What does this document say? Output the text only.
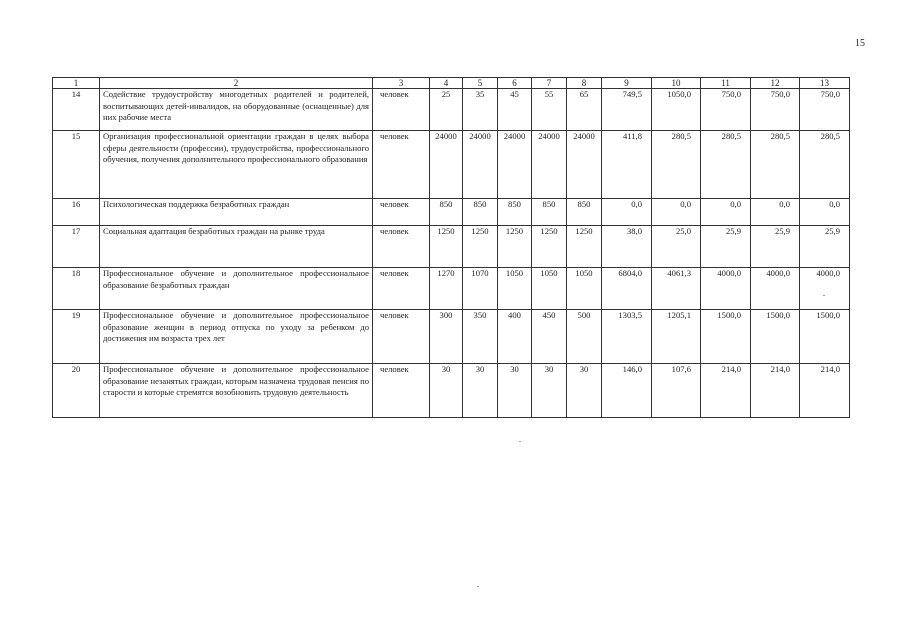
15
1	2	3	4	5	6	7	8	9	10	11	12	13
14	Содействие трудоустройству многодетных родителей и родителей, воспитывающих детей-инвалидов, на оборудованные (оснащенные) для них рабочие места	человек	25	35	45	55	65	749,5	1050,0	750,0	750,0	750,0
15	Организация профессиональной ориентации граждан в целях выбора сферы деятельности (профессии), трудоустройства, профессионального обучения, получения дополнительного профессионального образования	человек	24000	24000	24000	24000	24000	411,8	280,5	280,5	280,5	280,5
16	Психологическая поддержка безработных граждан	человек	850	850	850	850	850	0,0	0,0	0,0	0,0	0,0
17	Социальная адаптация безработных граждан на рынке труда	человек	1250	1250	1250	1250	1250	38,0	25,0	25,9	25,9	25,9
18	Профессиональное обучение и дополнительное профессиональное образование безработных граждан	человек	1270	1070	1050	1050	1050	6804,0	4061,3	4000,0	4000,0	4000,0
19	Профессиональное обучение и дополнительное профессиональное образование женщин в период отпуска по уходу за ребенком до достижения им возраста трех лет	человек	300	350	400	450	500	1303,5	1205,1	1500,0	1500,0	1500,0
20	Профессиональное обучение и дополнительное профессиональное образование незанятых граждан, которым назначена трудовая пенсия по старости и которые стремятся возобновить трудовую деятельность	человек	30	30	30	30	30	146,0	107,6	214,0	214,0	214,0
